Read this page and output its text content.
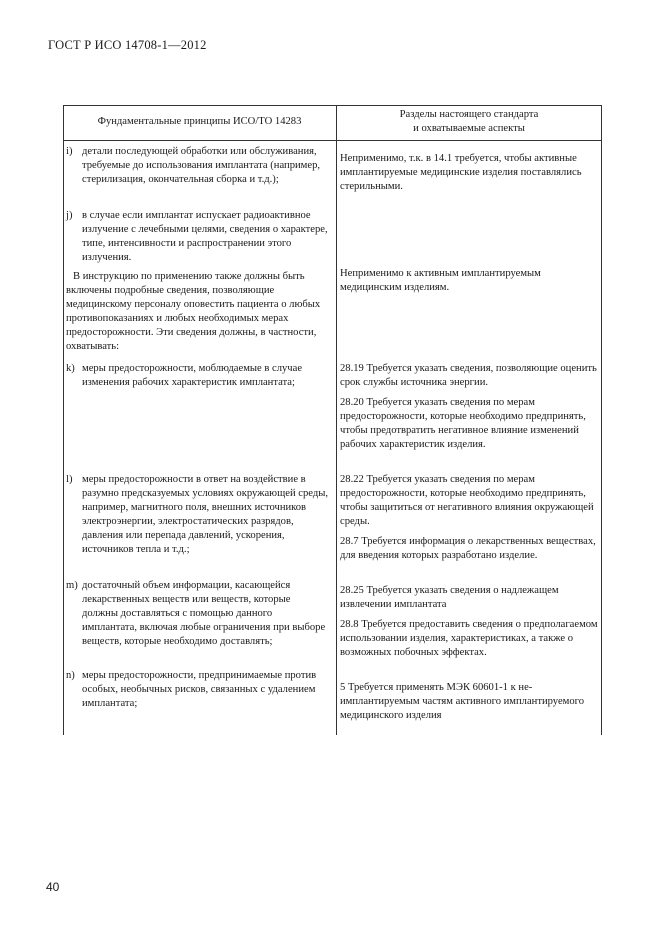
ГОСТ Р ИСО 14708-1—2012
Фундаментальные принципы ИСО/ТО 14283
Разделы настоящего стандарта
и охватываемые аспекты
i) детали последующей обработки или обслуживания, требуемые до использования имплантата (например, стерилизация, окончательная сборка и т.д.);
j) в случае если имплантат испускает радиоактивное излучение с лечебными целями, сведения о характере, типе, интенсивности и распространении этого излучения.
В инструкцию по применению также должны быть включены подробные сведения, позволяющие медицинскому персоналу оповестить пациента о любых противопоказаниях и любых необходимых мерах предосторожности. Эти сведения должны, в частности, охватывать:
k) меры предосторожности, моблюдаемые в случае изменения рабочих характеристик имплантата;
l) меры предосторожности в ответ на воздействие в разумно предсказуемых условиях окружающей среды, например, магнитного поля, внешних источников электроэнергии, электростатических разрядов, давления или перепада давлений, ускорения, источников тепла и т.д.;
m) достаточный объем информации, касающейся лекарственных веществ или веществ, которые должны доставляться с помощью данного имплантата, включая любые ограничения при выборе веществ, которые необходимо доставлять;
n) меры предосторожности, предпринимаемые против особых, необычных рисков, связанных с удалением имплантата;
Неприменимо, т.к. в 14.1 требуется, чтобы активные имплантируемые медицинские изделия поставлялись стерильными.
Неприменимо к активным имплантируемым медицинским изделиям.
28.19 Требуется указать сведения, позволяющие оценить срок службы источника энергии.
28.20 Требуется указать сведения по мерам предосторожности, которые необходимо предпринять, чтобы предотвратить негативное влияние изменений рабочих характеристик изделия.
28.22 Требуется указать сведения по мерам предосторожности, которые необходимо предпринять, чтобы защититься от негативного влияния окружающей среды.
28.7 Требуется информация о лекарственных веществах, для введения которых разработано изделие.
28.25 Требуется указать сведения о надлежащем извлечении имплантата
28.8 Требуется предоставить сведения о предполагаемом использовании изделия, характеристиках, а также о возможных побочных эффектах.
5 Требуется применять МЭК 60601-1 к не-имплантируемым частям активного имплантируемого медицинского изделия
40
